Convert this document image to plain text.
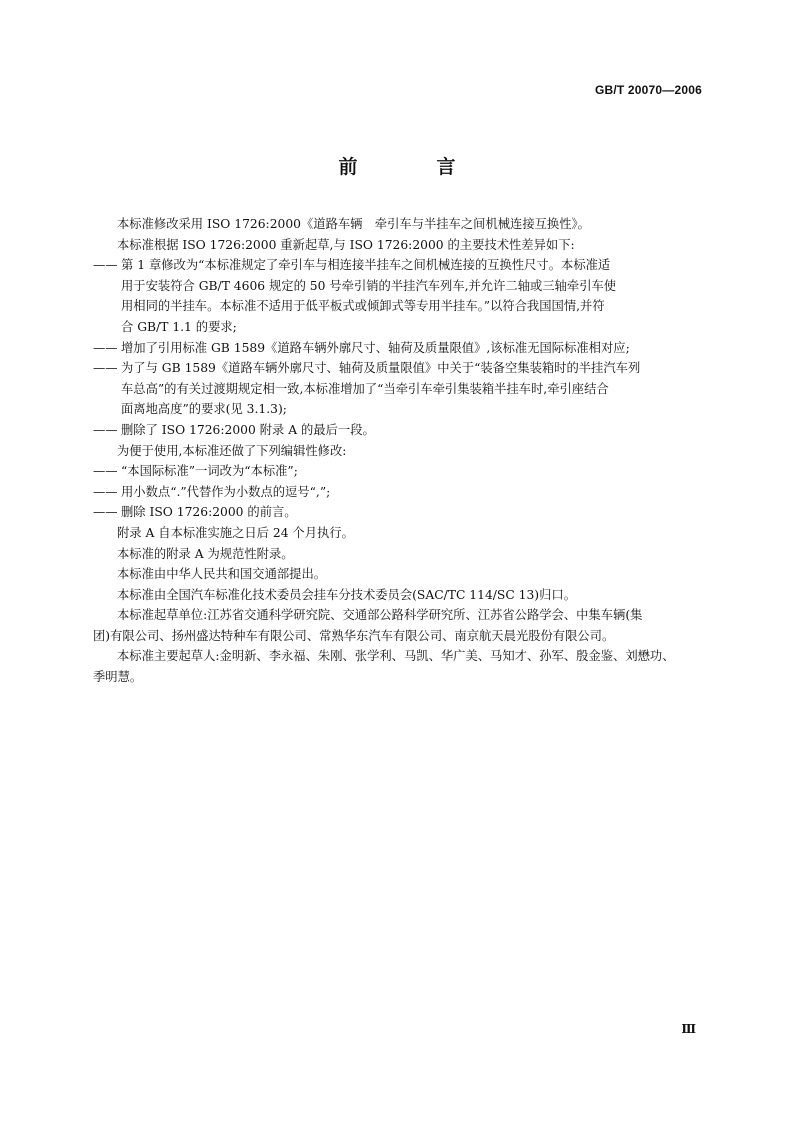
GB/T 20070—2006
前　言

本标准修改采用 ISO 1726:2000《道路车辆　牵引车与半挂车之间机械连接互换性》。

本标准根据 ISO 1726:2000 重新起草,与 ISO 1726:2000 的主要技术性差异如下:

—— 第 1 章修改为“本标准规定了牵引车与相连接半挂车之间机械连接的互换性尺寸。本标准适
用于安装符合 GB/T 4606 规定的 50 号牵引销的半挂汽车列车,并允许二轴或三轴牵引车使
用相同的半挂车。本标准不适用于低平板式或倾卸式等专用半挂车。”以符合我国国情,并符
合 GB/T 1.1 的要求;
—— 增加了引用标准 GB 1589《道路车辆外廓尺寸、轴荷及质量限值》,该标准无国际标准相对应;
—— 为了与 GB 1589《道路车辆外廓尺寸、轴荷及质量限值》中关于“装备空集装箱时的半挂汽车列
车总高”的有关过渡期规定相一致,本标准增加了“当牵引车牵引集装箱半挂车时,牵引座结合
面离地高度”的要求(见 3.1.3);
—— 删除了 ISO 1726:2000 附录 A 的最后一段。

为便于使用,本标准还做了下列编辑性修改:

—— “本国际标准”一词改为“本标准”;
—— 用小数点“.”代替作为小数点的逗号“,”;
—— 删除 ISO 1726:2000 的前言。

附录 A 自本标准实施之日后 24 个月执行。

本标准的附录 A 为规范性附录。

本标准由中华人民共和国交通部提出。

本标准由全国汽车标准化技术委员会挂车分技术委员会(SAC/TC 114/SC 13)归口。

本标准起草单位:江苏省交通科学研究院、交通部公路科学研究所、江苏省公路学会、中集车辆(集

团)有限公司、扬州盛达特种车有限公司、常熟华东汽车有限公司、南京航天晨光股份有限公司。

本标准主要起草人:金明新、李永福、朱刚、张学利、马凯、华广美、马知才、孙军、殷金鉴、刘懋功、

季明慧。

Ⅲ
